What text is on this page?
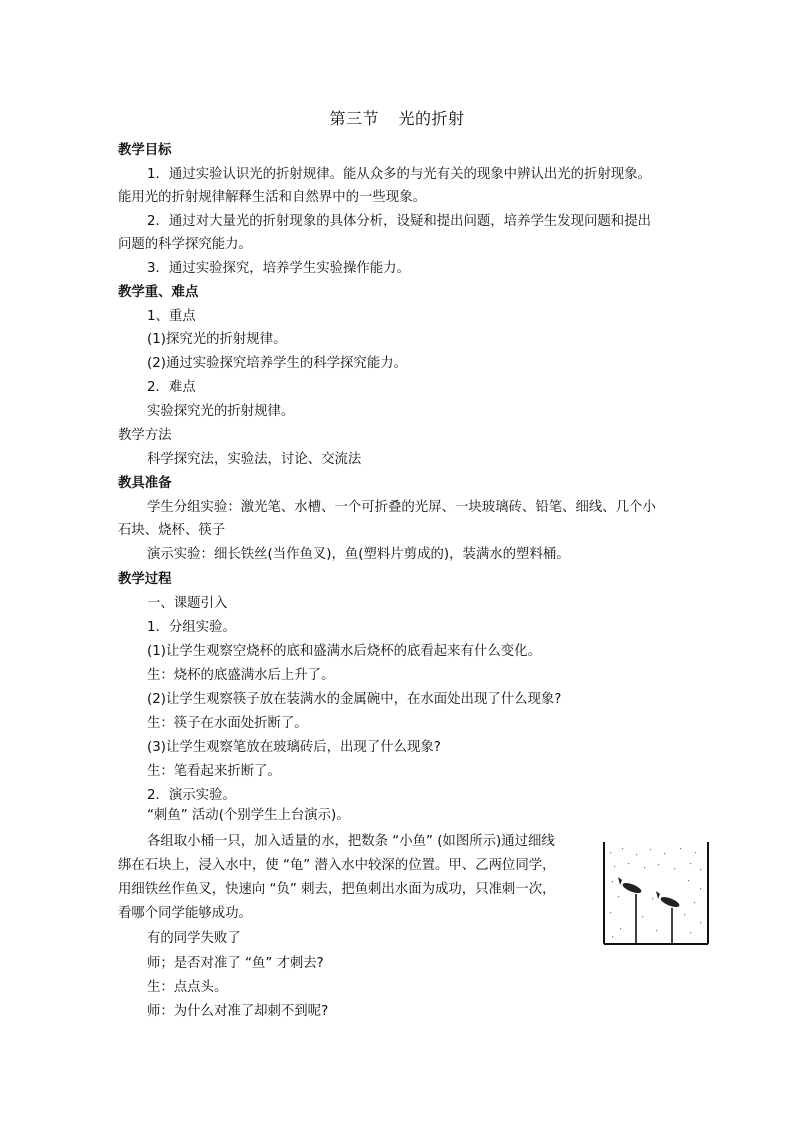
第三节 光的折射
教学目标
1．通过实验认识光的折射规律。能从众多的与光有关的现象中辨认出光的折射现象。
能用光的折射规律解释生活和自然界中的一些现象。
2．通过对大量光的折射现象的具体分析，设疑和提出问题，培养学生发现问题和提出
问题的科学探究能力。
3．通过实验探究，培养学生实验操作能力。
教学重、难点
1、重点
(1)探究光的折射规律。
(2)通过实验探究培养学生的科学探究能力。
2．难点
实验探究光的折射规律。
教学方法
科学探究法，实验法，讨论、交流法
教具准备
学生分组实验：激光笔、水槽、一个可折叠的光屏、一块玻璃砖、铅笔、细线、几个小
石块、烧杯、筷子
演示实验：细长铁丝(当作鱼叉)，鱼(塑料片剪成的)，装满水的塑料桶。
教学过程
一、课题引入
1．分组实验。
(1)让学生观察空烧杯的底和盛满水后烧杯的底看起来有什么变化。
生：烧杯的底盛满水后上升了。
(2)让学生观察筷子放在装满水的金属碗中，在水面处出现了什么现象?
生：筷子在水面处折断了。
(3)让学生观察笔放在玻璃砖后，出现了什么现象?
生：笔看起来折断了。
2．演示实验。
“刺鱼” 活动(个别学生上台演示)。
各组取小桶一只，加入适量的水，把数条 “小鱼” (如图所示)通过细线
绑在石块上，浸入水中，使 “龟” 潜入水中较深的位置。甲、乙两位同学，
用细铁丝作鱼叉，快速向 “负” 刺去，把鱼刺出水面为成功，只准刺一次，
看哪个同学能够成功。
有的同学失败了
师；是否对准了 “鱼” 才刺去?
生：点点头。
师：为什么对准了却刺不到呢?
